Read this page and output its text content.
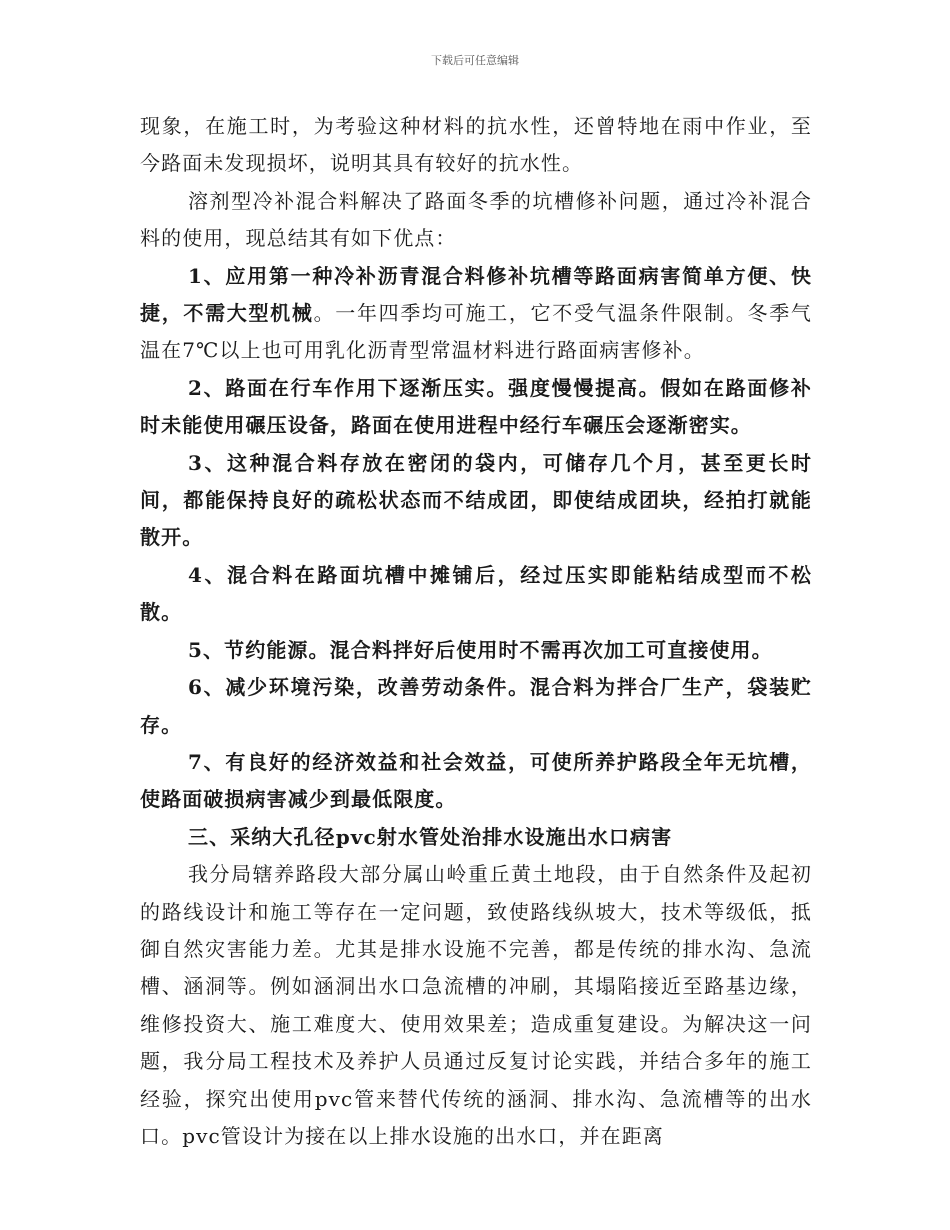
下载后可任意编辑

现象，在施工时，为考验这种材料的抗水性，还曾特地在雨中作业，至今路面未发现损坏，说明其具有较好的抗水性。

溶剂型冷补混合料解决了路面冬季的坑槽修补问题，通过冷补混合料的使用，现总结其有如下优点：

1、应用第一种冷补沥青混合料修补坑槽等路面病害简单方便、快捷，不需大型机械。一年四季均可施工，它不受气温条件限制。冬季气温在7℃以上也可用乳化沥青型常温材料进行路面病害修补。

2、路面在行车作用下逐渐压实。强度慢慢提高。假如在路面修补时未能使用碾压设备，路面在使用进程中经行车碾压会逐渐密实。

3、这种混合料存放在密闭的袋内，可储存几个月，甚至更长时间，都能保持良好的疏松状态而不结成团，即使结成团块，经拍打就能散开。

4、混合料在路面坑槽中摊铺后，经过压实即能粘结成型而不松散。

5、节约能源。混合料拌好后使用时不需再次加工可直接使用。

6、减少环境污染，改善劳动条件。混合料为拌合厂生产，袋装贮存。

7、有良好的经济效益和社会效益，可使所养护路段全年无坑槽，使路面破损病害减少到最低限度。

三、采纳大孔径pvc射水管处治排水设施出水口病害

我分局辖养路段大部分属山岭重丘黄土地段，由于自然条件及起初的路线设计和施工等存在一定问题，致使路线纵坡大，技术等级低，抵御自然灾害能力差。尤其是排水设施不完善，都是传统的排水沟、急流槽、涵洞等。例如涵洞出水口急流槽的冲刷，其塌陷接近至路基边缘，维修投资大、施工难度大、使用效果差；造成重复建设。为解决这一问题，我分局工程技术及养护人员通过反复讨论实践，并结合多年的施工经验，探究出使用pvc管来替代传统的涵洞、排水沟、急流槽等的出水口。pvc管设计为接在以上排水设施的出水口，并在距离
